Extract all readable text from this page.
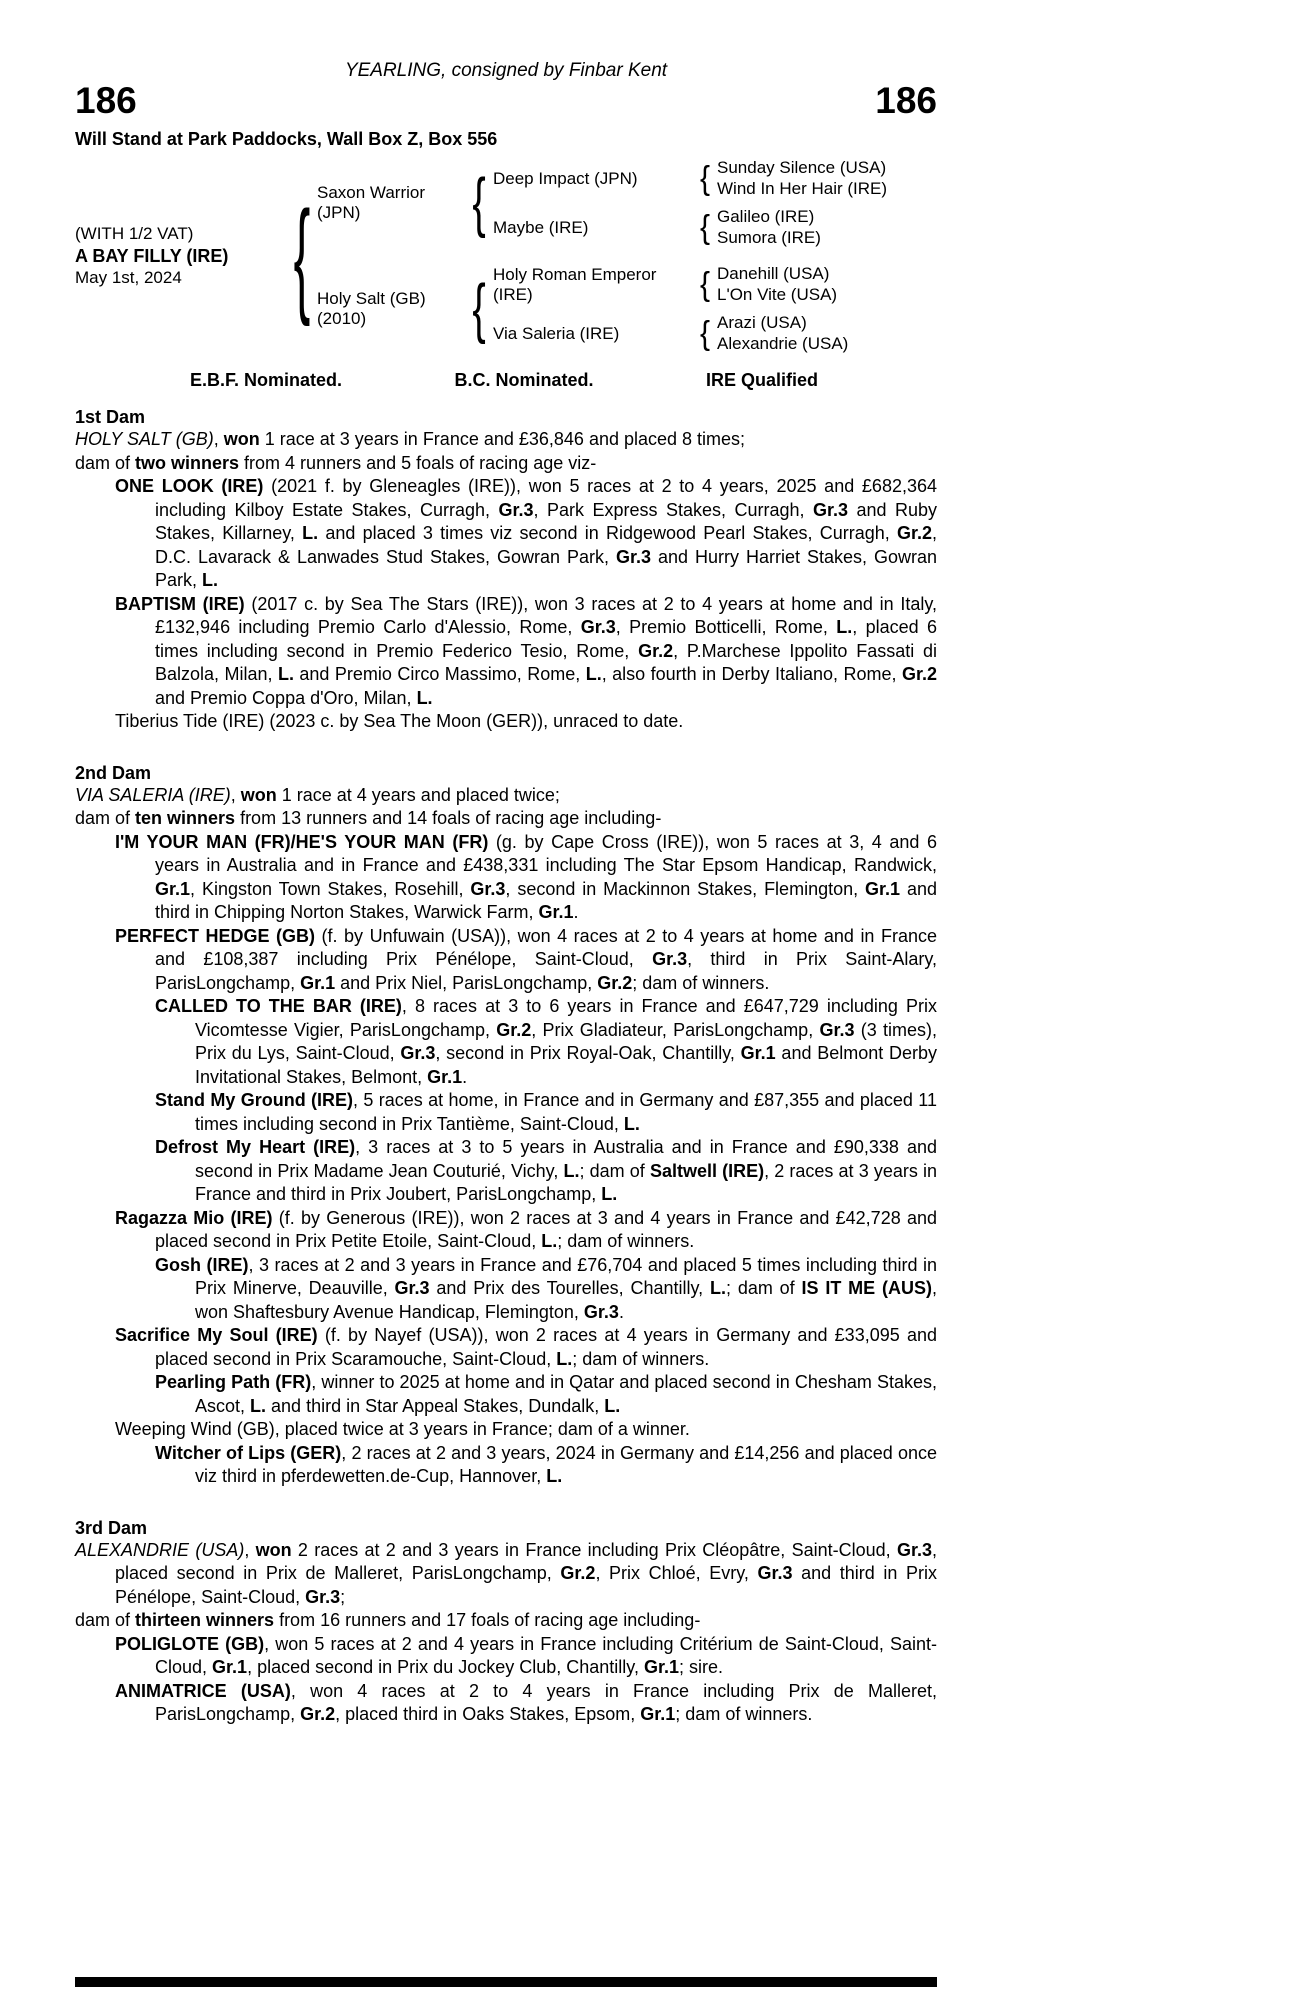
YEARLING, consigned by Finbar Kent
186	186
Will Stand at Park Paddocks, Wall Box Z, Box 556
(WITH 1/2 VAT)
A BAY FILLY (IRE)
May 1st, 2024	{ Saxon Warrior (JPN)	{ Deep Impact (JPN)	{ Sunday Silence (USA)
Wind In Her Hair (IRE)
Maybe (IRE)	{ Galileo (IRE)
Sumora (IRE)
Holy Salt (GB) (2010)	{ Holy Roman Emperor (IRE)	{ Danehill (USA)
L'On Vite (USA)
Via Saleria (IRE)	{ Arazi (USA)
Alexandrie (USA)
E.B.F. Nominated.	B.C. Nominated.	IRE Qualified
1st Dam

HOLY SALT (GB), won 1 race at 3 years in France and £36,846 and placed 8 times;

dam of two winners from 4 runners and 5 foals of racing age viz-

ONE LOOK (IRE) (2021 f. by Gleneagles (IRE)), won 5 races at 2 to 4 years, 2025 and £682,364 including Kilboy Estate Stakes, Curragh, Gr.3, Park Express Stakes, Curragh, Gr.3 and Ruby Stakes, Killarney, L. and placed 3 times viz second in Ridgewood Pearl Stakes, Curragh, Gr.2, D.C. Lavarack & Lanwades Stud Stakes, Gowran Park, Gr.3 and Hurry Harriet Stakes, Gowran Park, L.

BAPTISM (IRE) (2017 c. by Sea The Stars (IRE)), won 3 races at 2 to 4 years at home and in Italy, £132,946 including Premio Carlo d'Alessio, Rome, Gr.3, Premio Botticelli, Rome, L., placed 6 times including second in Premio Federico Tesio, Rome, Gr.2, P.Marchese Ippolito Fassati di Balzola, Milan, L. and Premio Circo Massimo, Rome, L., also fourth in Derby Italiano, Rome, Gr.2 and Premio Coppa d'Oro, Milan, L.

Tiberius Tide (IRE) (2023 c. by Sea The Moon (GER)), unraced to date.

2nd Dam

VIA SALERIA (IRE), won 1 race at 4 years and placed twice;

dam of ten winners from 13 runners and 14 foals of racing age including-

I'M YOUR MAN (FR)/HE'S YOUR MAN (FR) (g. by Cape Cross (IRE)), won 5 races at 3, 4 and 6 years in Australia and in France and £438,331 including The Star Epsom Handicap, Randwick, Gr.1, Kingston Town Stakes, Rosehill, Gr.3, second in Mackinnon Stakes, Flemington, Gr.1 and third in Chipping Norton Stakes, Warwick Farm, Gr.1.

PERFECT HEDGE (GB) (f. by Unfuwain (USA)), won 4 races at 2 to 4 years at home and in France and £108,387 including Prix Pénélope, Saint-Cloud, Gr.3, third in Prix Saint-Alary, ParisLongchamp, Gr.1 and Prix Niel, ParisLongchamp, Gr.2; dam of winners.

CALLED TO THE BAR (IRE), 8 races at 3 to 6 years in France and £647,729 including Prix Vicomtesse Vigier, ParisLongchamp, Gr.2, Prix Gladiateur, ParisLongchamp, Gr.3 (3 times), Prix du Lys, Saint-Cloud, Gr.3, second in Prix Royal-Oak, Chantilly, Gr.1 and Belmont Derby Invitational Stakes, Belmont, Gr.1.

Stand My Ground (IRE), 5 races at home, in France and in Germany and £87,355 and placed 11 times including second in Prix Tantième, Saint-Cloud, L.

Defrost My Heart (IRE), 3 races at 3 to 5 years in Australia and in France and £90,338 and second in Prix Madame Jean Couturié, Vichy, L.; dam of Saltwell (IRE), 2 races at 3 years in France and third in Prix Joubert, ParisLongchamp, L.

Ragazza Mio (IRE) (f. by Generous (IRE)), won 2 races at 3 and 4 years in France and £42,728 and placed second in Prix Petite Etoile, Saint-Cloud, L.; dam of winners.

Gosh (IRE), 3 races at 2 and 3 years in France and £76,704 and placed 5 times including third in Prix Minerve, Deauville, Gr.3 and Prix des Tourelles, Chantilly, L.; dam of IS IT ME (AUS), won Shaftesbury Avenue Handicap, Flemington, Gr.3.

Sacrifice My Soul (IRE) (f. by Nayef (USA)), won 2 races at 4 years in Germany and £33,095 and placed second in Prix Scaramouche, Saint-Cloud, L.; dam of winners.

Pearling Path (FR), winner to 2025 at home and in Qatar and placed second in Chesham Stakes, Ascot, L. and third in Star Appeal Stakes, Dundalk, L.

Weeping Wind (GB), placed twice at 3 years in France; dam of a winner.

Witcher of Lips (GER), 2 races at 2 and 3 years, 2024 in Germany and £14,256 and placed once viz third in pferdewetten.de-Cup, Hannover, L.

3rd Dam

ALEXANDRIE (USA), won 2 races at 2 and 3 years in France including Prix Cléopâtre, Saint-Cloud, Gr.3, placed second in Prix de Malleret, ParisLongchamp, Gr.2, Prix Chloé, Evry, Gr.3 and third in Prix Pénélope, Saint-Cloud, Gr.3;

dam of thirteen winners from 16 runners and 17 foals of racing age including-

POLIGLOTE (GB), won 5 races at 2 and 4 years in France including Critérium de Saint-Cloud, Saint-Cloud, Gr.1, placed second in Prix du Jockey Club, Chantilly, Gr.1; sire.

ANIMATRICE (USA), won 4 races at 2 to 4 years in France including Prix de Malleret, ParisLongchamp, Gr.2, placed third in Oaks Stakes, Epsom, Gr.1; dam of winners.
